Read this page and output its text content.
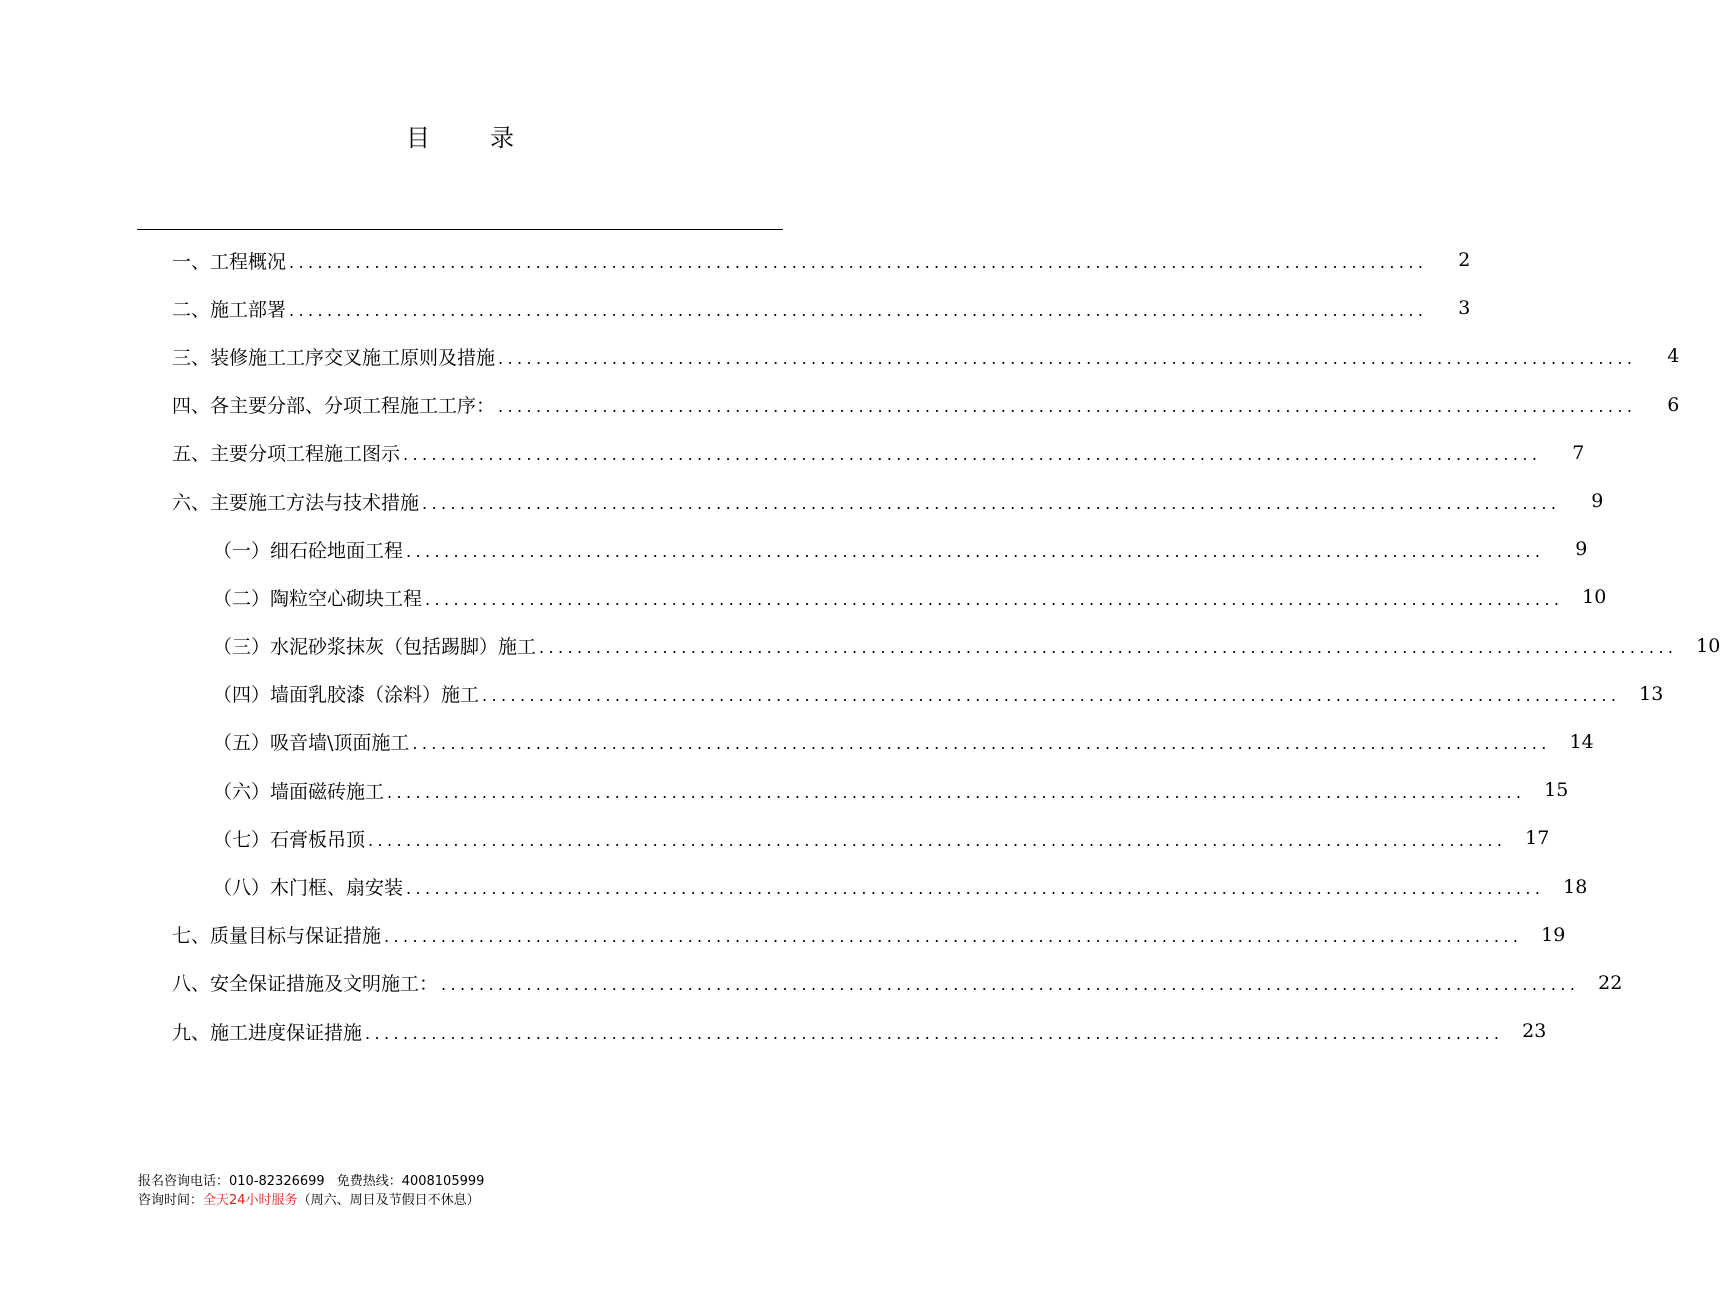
目	录
一、工程概况 ........................................................................................................................	2
二、施工部署 ........................................................................................................................	3
三、装修施工工序交叉施工原则及措施 ........................................................................................................................	4
四、各主要分部、分项工程施工工序： ........................................................................................................................	6
五、主要分项工程施工图示 ........................................................................................................................	7
六、主要施工方法与技术措施 ........................................................................................................................	9
（一）细石砼地面工程 ........................................................................................................................	9
（二）陶粒空心砌块工程 ........................................................................................................................ 10
（三）水泥砂浆抹灰（包括踢脚）施工 ........................................................................................................................ 10
（四）墙面乳胶漆（涂料）施工 ........................................................................................................................ 13
（五）吸音墙\顶面施工 ........................................................................................................................ 14
（六）墙面磁砖施工 ........................................................................................................................ 15
（七）石膏板吊顶 ........................................................................................................................ 17
（八）木门框、扇安装 ........................................................................................................................ 18
七、质量目标与保证措施 ........................................................................................................................ 19
八、安全保证措施及文明施工： ........................................................................................................................ 22
九、施工进度保证措施 ........................................................................................................................ 23
报名咨询电话：010-82326699 免费热线：4008105999
咨询时间：全天24小时服务（周六、周日及节假日不休息）
